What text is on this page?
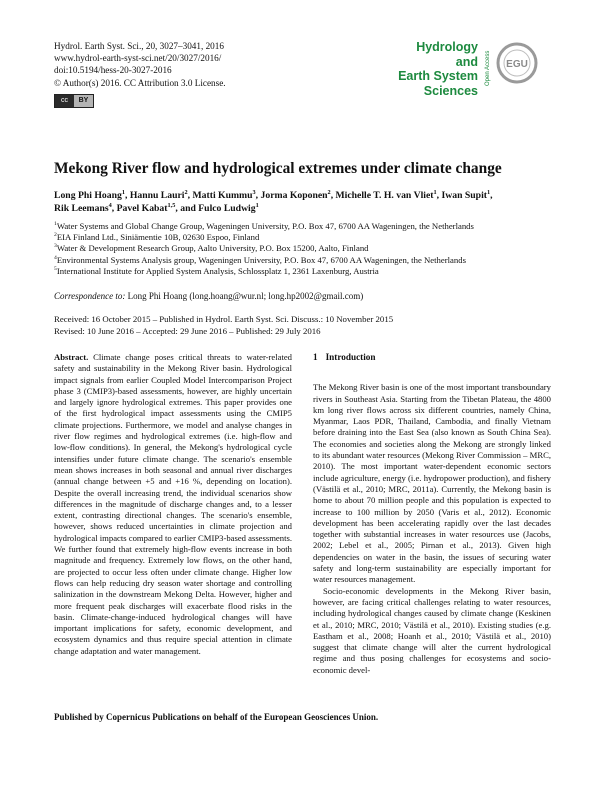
Hydrol. Earth Syst. Sci., 20, 3027–3041, 2016
www.hydrol-earth-syst-sci.net/20/3027/2016/
doi:10.5194/hess-20-3027-2016
© Author(s) 2016. CC Attribution 3.0 License.
cc	BY
Hydrology and
Earth System
Sciences
Open Access EGU
Mekong River flow and hydrological extremes under climate change
Long Phi Hoang$^1$, Hannu Lauri$^2$, Matti Kummu$^3$, Jorma Koponen$^2$, Michelle T. H. van Vliet$^1$, Iwan Supit$^1$,
Rik Leemans$^4$, Pavel Kabat$^{1,5}$, and Fulco Ludwig$^1$
$^1$Water Systems and Global Change Group, Wageningen University, P.O. Box 47, 6700 AA Wageningen, the Netherlands
$^2$EIA Finland Ltd., Siniämentie 10B, 02630 Espoo, Finland
$^3$Water & Development Research Group, Aalto University, P.O. Box 15200, Aalto, Finland
$^4$Environmental Systems Analysis group, Wageningen University, P.O. Box 47, 6700 AA Wageningen, the Netherlands
$^5$International Institute for Applied System Analysis, Schlossplatz 1, 2361 Laxenburg, Austria
Correspondence to: Long Phi Hoang (long.hoang@wur.nl; long.hp2002@gmail.com)
Received: 16 October 2015 – Published in Hydrol. Earth Syst. Sci. Discuss.: 10 November 2015
Revised: 10 June 2016 – Accepted: 29 June 2016 – Published: 29 July 2016
Abstract. Climate change poses critical threats to water-related safety and sustainability in the Mekong River basin. Hydrological impact signals from earlier Coupled Model Intercomparison Project phase 3 (CMIP3)-based assessments, however, are highly uncertain and largely ignore hydrological extremes. This paper provides one of the first hydrological impact assessments using the CMIP5 climate projections. Furthermore, we model and analyse changes in river flow regimes and hydrological extremes (i.e. high-flow and low-flow conditions). In general, the Mekong's hydrological cycle intensifies under future climate change. The scenario's ensemble mean shows increases in both seasonal and annual river discharges (annual change between +5 and +16 %, depending on location). Despite the overall increasing trend, the individual scenarios show differences in the magnitude of discharge changes and, to a lesser extent, contrasting directional changes. The scenario's ensemble, however, shows reduced uncertainties in climate projection and hydrological impacts compared to earlier CMIP3-based assessments. We further found that extremely high-flow events increase in both magnitude and frequency. Extremely low flows, on the other hand, are projected to occur less often under climate change. Higher low flows can help reducing dry season water shortage and controlling salinization in the downstream Mekong Delta. However, higher and more frequent peak discharges will exacerbate flood risks in the basin. Climate-change-induced hydrological changes will have important implications for safety, economic development, and ecosystem dynamics and thus require special attention in climate change adaptation and water management.
1 Introduction

The Mekong River basin is one of the most important transboundary rivers in Southeast Asia. Starting from the Tibetan Plateau, the 4800 km long river flows across six different countries, namely China, Myanmar, Laos PDR, Thailand, Cambodia, and finally Vietnam before draining into the East Sea (also known as South China Sea). The economies and societies along the Mekong are strongly linked to its abundant water resources (Mekong River Commission – MRC, 2010). The most important water-dependent economic sectors include agriculture, energy (i.e. hydropower production), and fishery (Västilä et al., 2010; MRC, 2011a). Currently, the Mekong basin is home to about 70 million people and this population is expected to increase to 100 million by 2050 (Varis et al., 2012). Economic development has been accelerating rapidly over the last decades together with substantial increases in water resources use (Jacobs, 2002; Lebel et al., 2005; Pirnan et al., 2013). Given high dependencies on water in the basin, the issues of securing water safety and long-term sustainability are especially important for water resources management.

Socio-economic developments in the Mekong River basin, however, are facing critical challenges relating to water resources, including hydrological changes caused by climate change (Keskinen et al., 2010; MRC, 2010; Västilä et al., 2010). Existing studies (e.g. Eastham et al., 2008; Hoanh et al., 2010; Västilä et al., 2010) suggest that climate change will alter the current hydrological regime and thus posing challenges for ecosystems and socio-economic devel-

Published by Copernicus Publications on behalf of the European Geosciences Union.
